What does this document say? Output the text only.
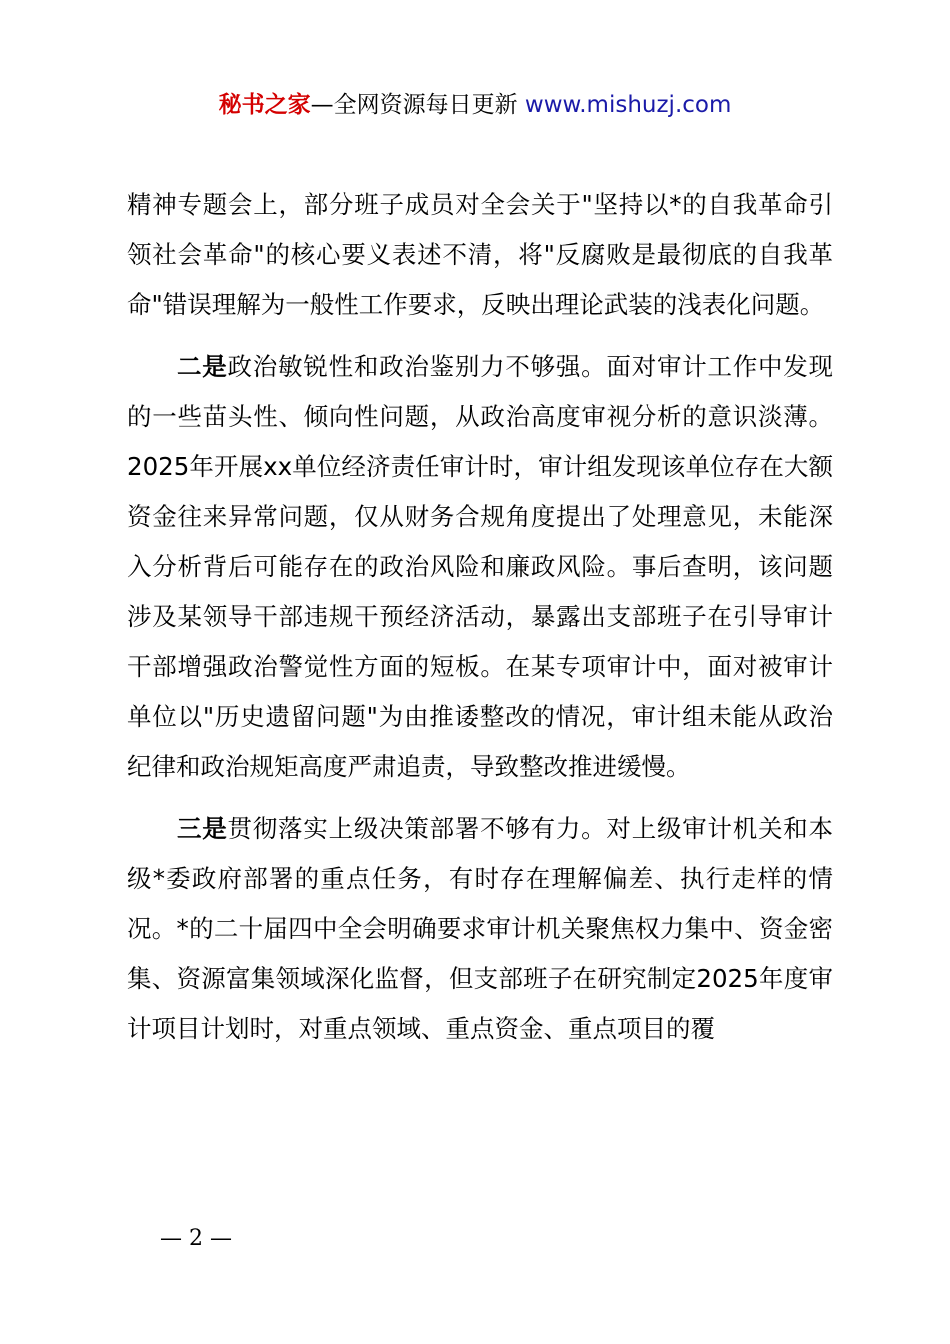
秘书之家—全网资源每日更新 www.mishuzj.com

精神专题会上，部分班子成员对全会关于"坚持以*的自我革命引领社会革命"的核心要义表述不清，将"反腐败是最彻底的自我革命"错误理解为一般性工作要求，反映出理论武装的浅表化问题。

二是政治敏锐性和政治鉴别力不够强。面对审计工作中发现的一些苗头性、倾向性问题，从政治高度审视分析的意识淡薄。2025年开展xx单位经济责任审计时，审计组发现该单位存在大额资金往来异常问题，仅从财务合规角度提出了处理意见，未能深入分析背后可能存在的政治风险和廉政风险。事后查明，该问题涉及某领导干部违规干预经济活动，暴露出支部班子在引导审计干部增强政治警觉性方面的短板。在某专项审计中，面对被审计单位以"历史遗留问题"为由推诿整改的情况，审计组未能从政治纪律和政治规矩高度严肃追责，导致整改推进缓慢。

三是贯彻落实上级决策部署不够有力。对上级审计机关和本级*委政府部署的重点任务，有时存在理解偏差、执行走样的情况。*的二十届四中全会明确要求审计机关聚焦权力集中、资金密集、资源富集领域深化监督，但支部班子在研究制定2025年度审计项目计划时，对重点领域、重点资金、重点项目的覆

— 2 —
